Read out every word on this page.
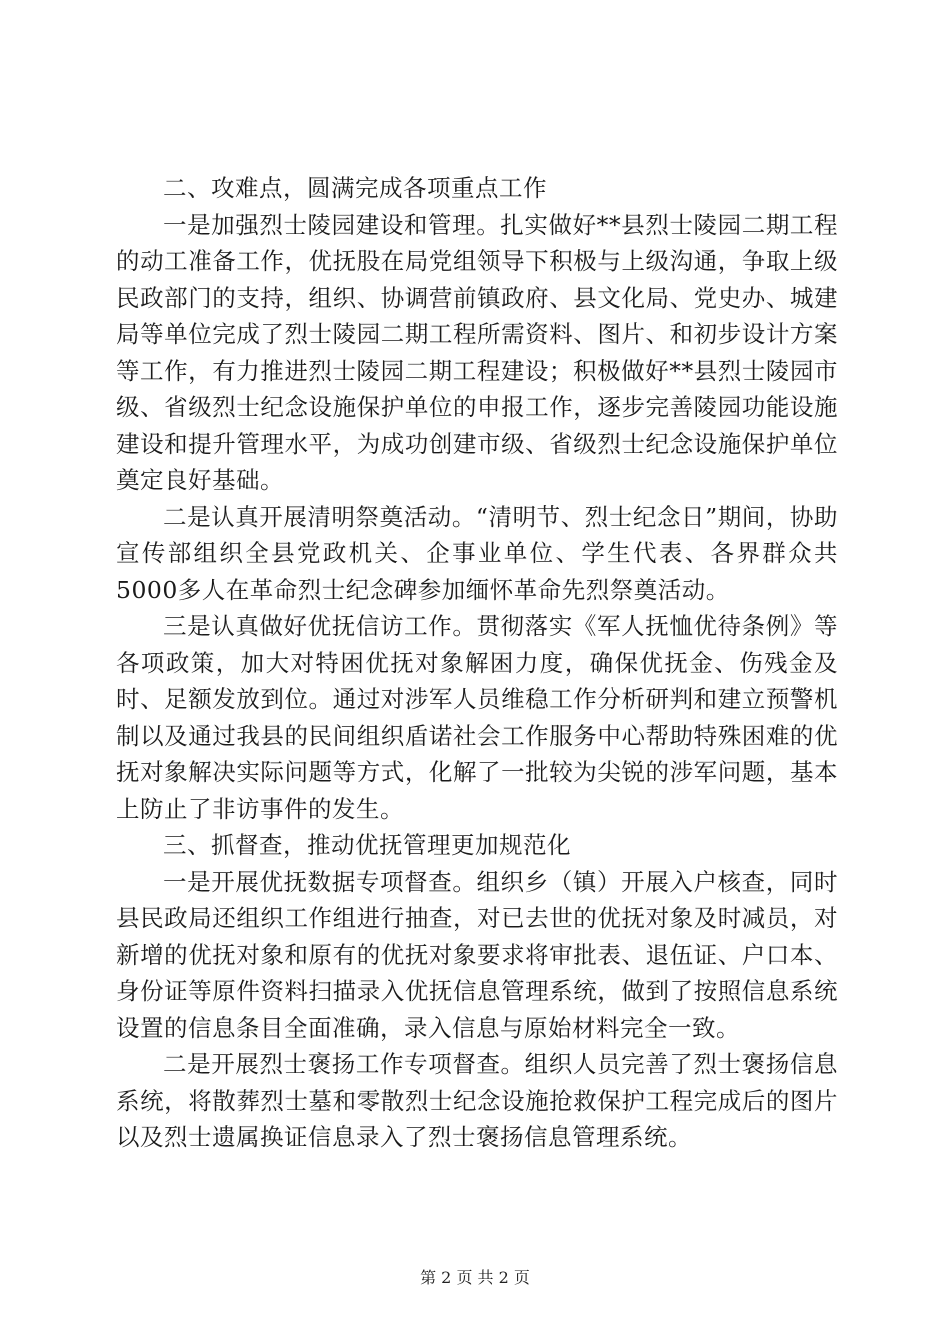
二、攻难点，圆满完成各项重点工作

一是加强烈士陵园建设和管理。扎实做好**县烈士陵园二期工程的动工准备工作，优抚股在局党组领导下积极与上级沟通，争取上级民政部门的支持，组织、协调营前镇政府、县文化局、党史办、城建局等单位完成了烈士陵园二期工程所需资料、图片、和初步设计方案等工作，有力推进烈士陵园二期工程建设；积极做好**县烈士陵园市级、省级烈士纪念设施保护单位的申报工作，逐步完善陵园功能设施建设和提升管理水平，为成功创建市级、省级烈士纪念设施保护单位奠定良好基础。

二是认真开展清明祭奠活动。“清明节、烈士纪念日”期间，协助宣传部组织全县党政机关、企事业单位、学生代表、各界群众共5000多人在革命烈士纪念碑参加缅怀革命先烈祭奠活动。

三是认真做好优抚信访工作。贯彻落实《军人抚恤优待条例》等各项政策，加大对特困优抚对象解困力度，确保优抚金、伤残金及时、足额发放到位。通过对涉军人员维稳工作分析研判和建立预警机制以及通过我县的民间组织盾诺社会工作服务中心帮助特殊困难的优抚对象解决实际问题等方式，化解了一批较为尖锐的涉军问题，基本上防止了非访事件的发生。

三、抓督查，推动优抚管理更加规范化

一是开展优抚数据专项督查。组织乡（镇）开展入户核查，同时县民政局还组织工作组进行抽查，对已去世的优抚对象及时减员，对新增的优抚对象和原有的优抚对象要求将审批表、退伍证、户口本、身份证等原件资料扫描录入优抚信息管理系统，做到了按照信息系统设置的信息条目全面准确，录入信息与原始材料完全一致。

二是开展烈士褒扬工作专项督查。组织人员完善了烈士褒扬信息系统，将散葬烈士墓和零散烈士纪念设施抢救保护工程完成后的图片以及烈士遗属换证信息录入了烈士褒扬信息管理系统。

第 2 页 共 2 页
